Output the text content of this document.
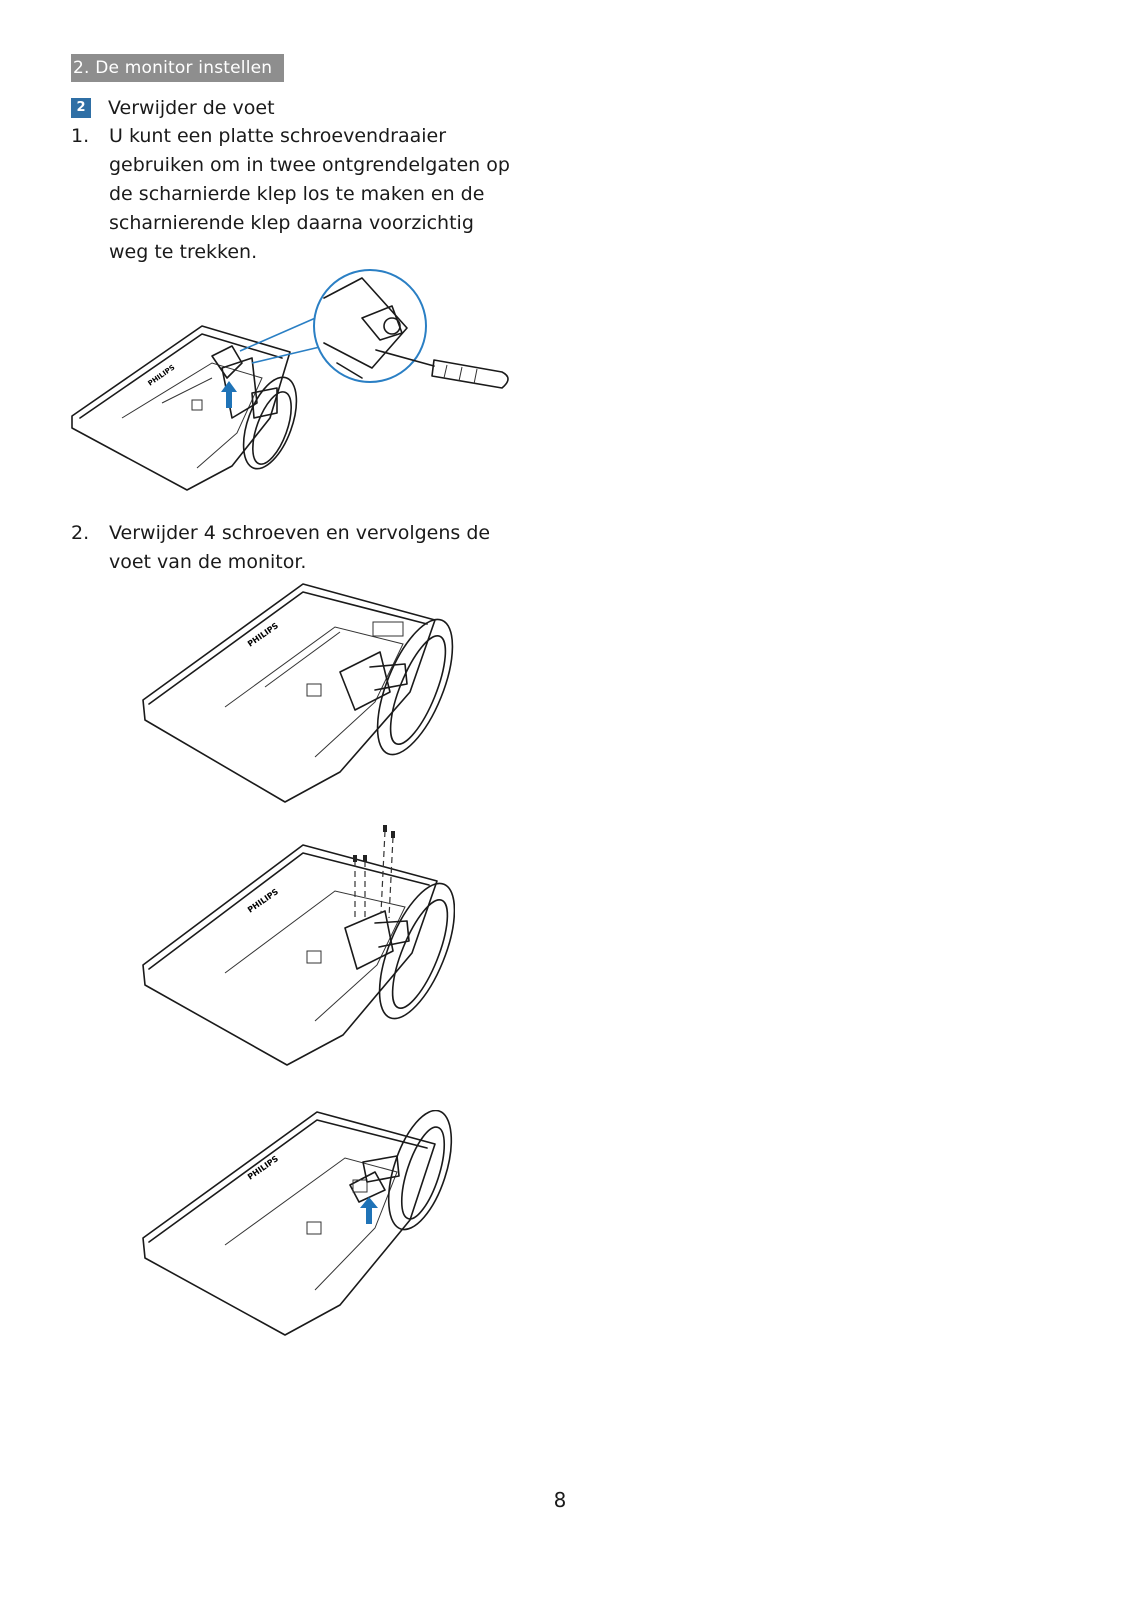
2. De monitor instellen
2 Verwijder de voet
1.	U kunt een platte schroevendraaier gebruiken om in twee ontgrendelgaten op de scharnierde klep los te maken en de scharnierende klep daarna voorzichtig weg te trekken.
PHILIPS
2.	Verwijder 4 schroeven en vervolgens de voet van de monitor.
PHILIPS
PHILIPS
PHILIPS
8
